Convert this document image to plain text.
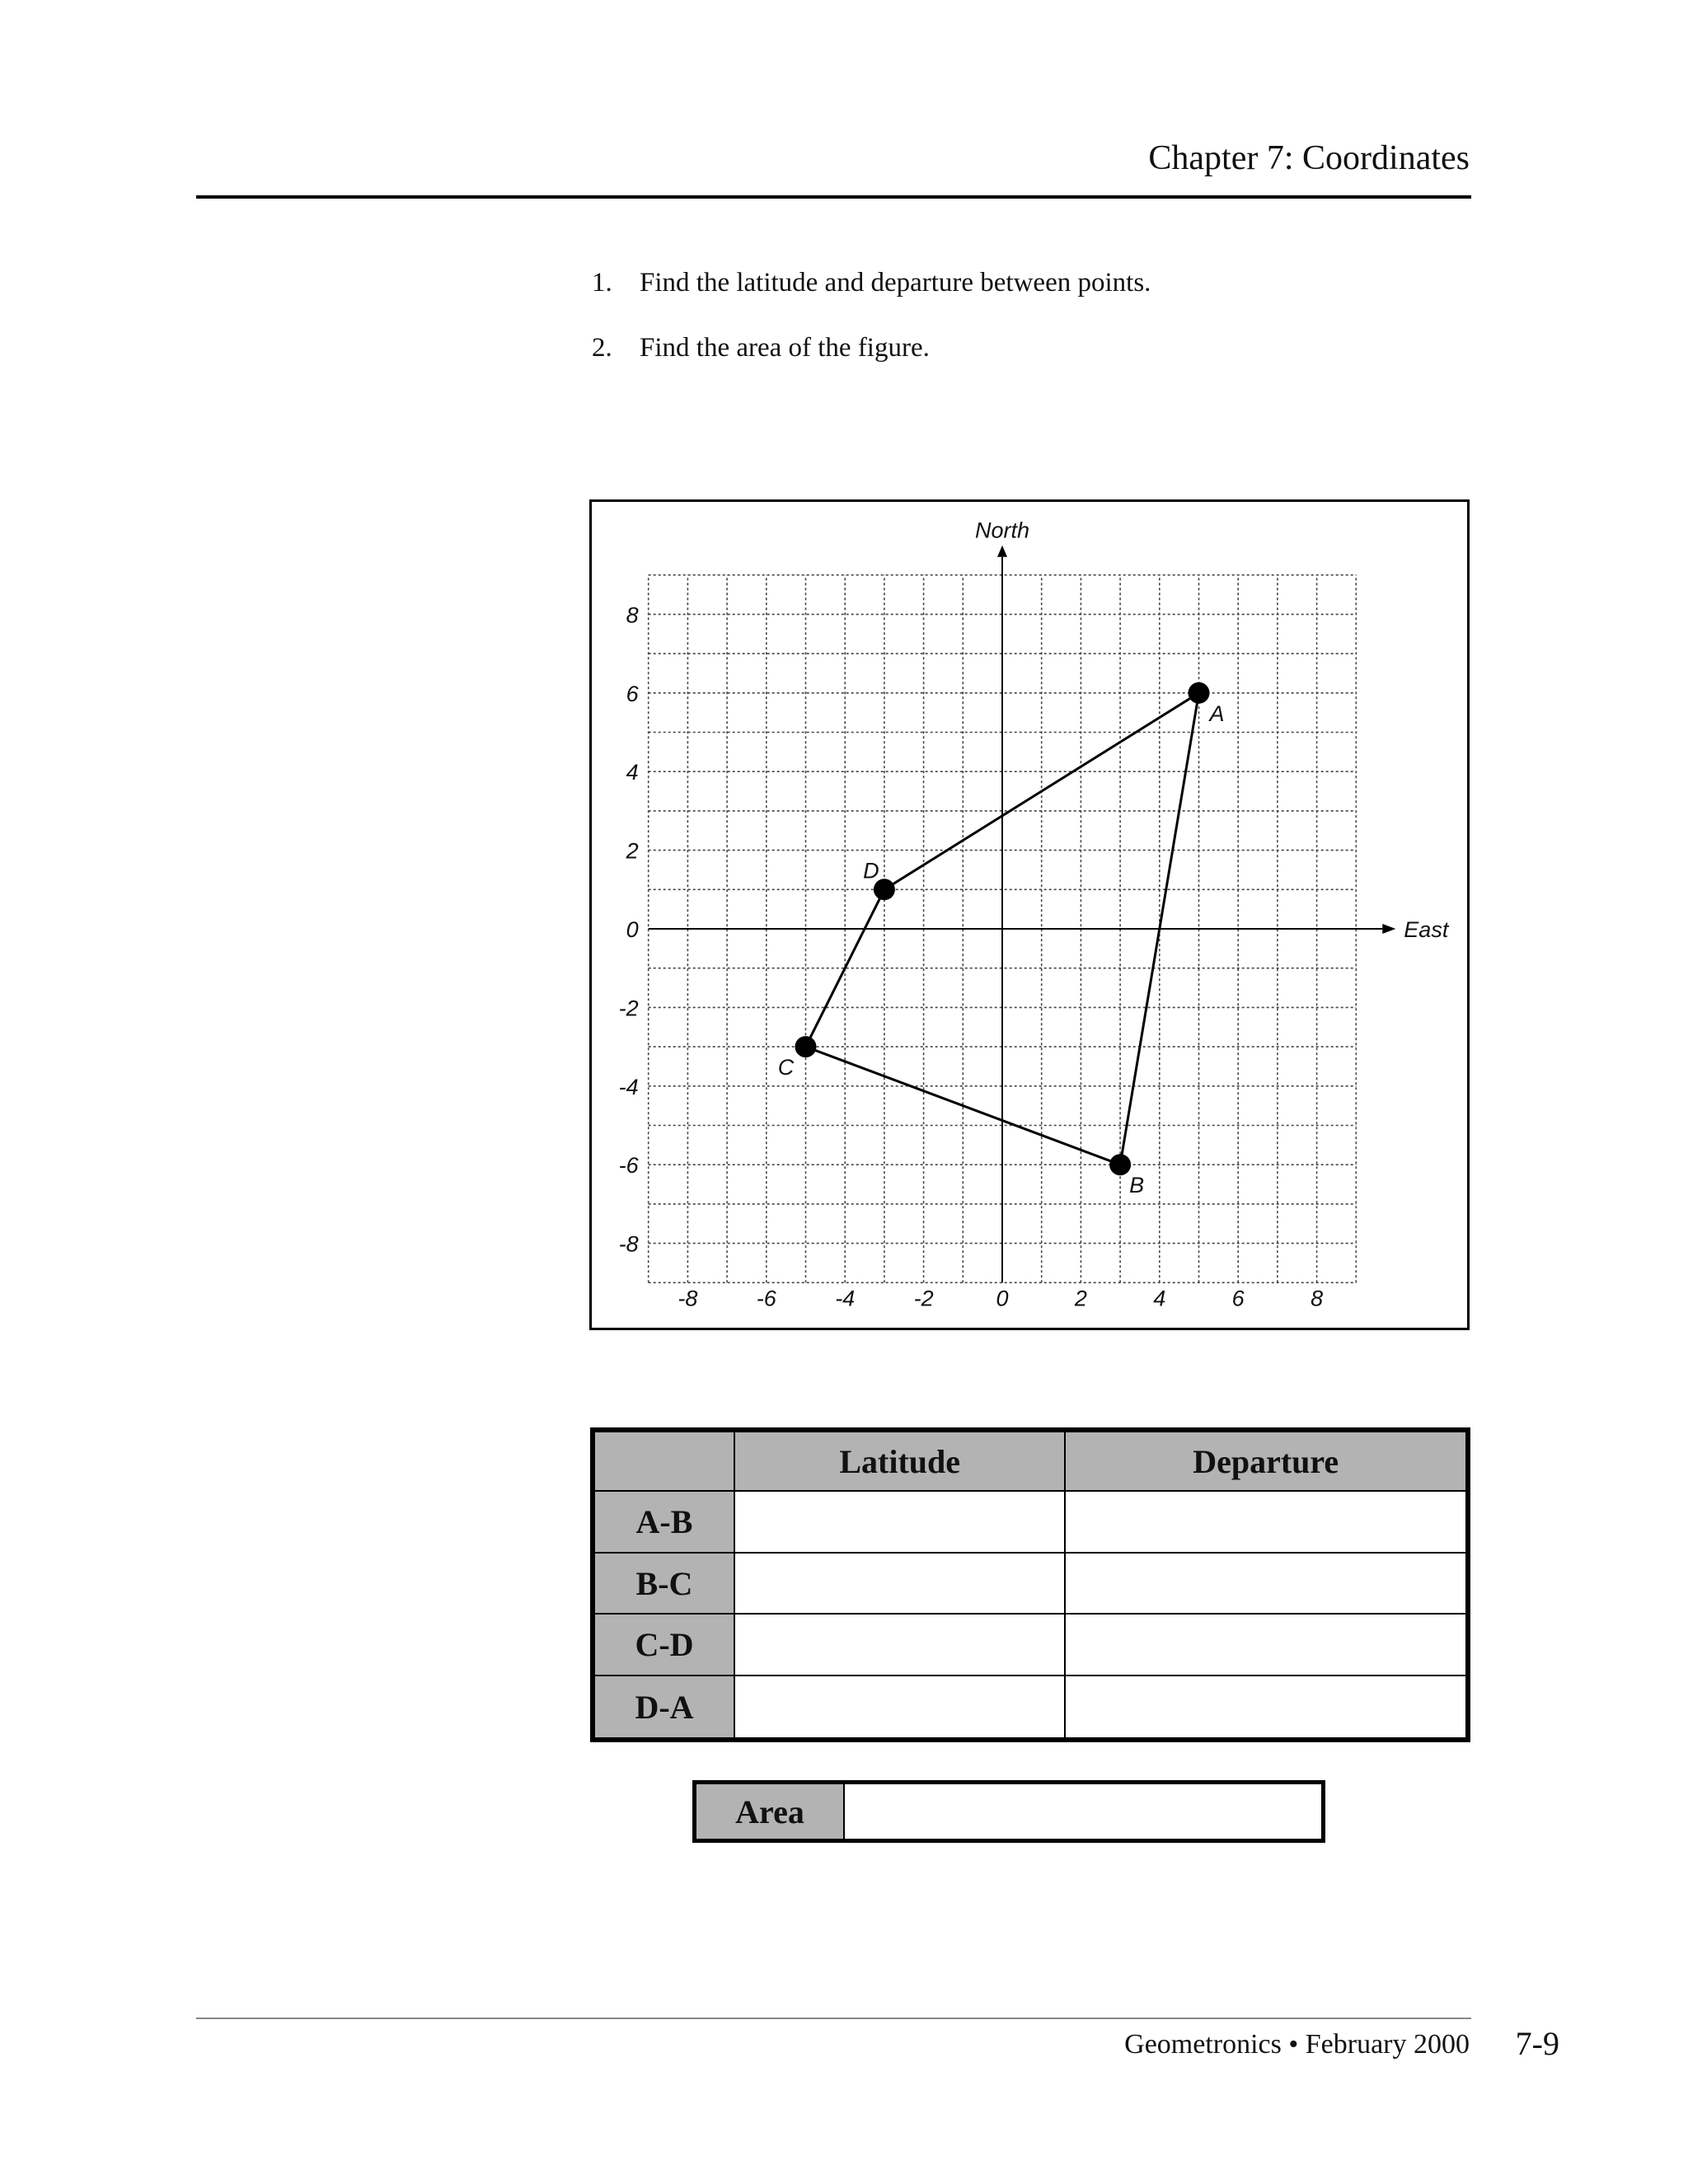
Chapter 7: Coordinates
1. Find the latitude and departure between points.
2. Find the area of the figure.
North
East
-8	-6	-4	-2	0	2	4	6	8
-8
-6
-4
-2
0
2
4
6
8
A
B
C
D
	Latitude	Departure
A-B		
B-C		
C-D		
D-A		
Area
Geometronics • February 2000 7-9
